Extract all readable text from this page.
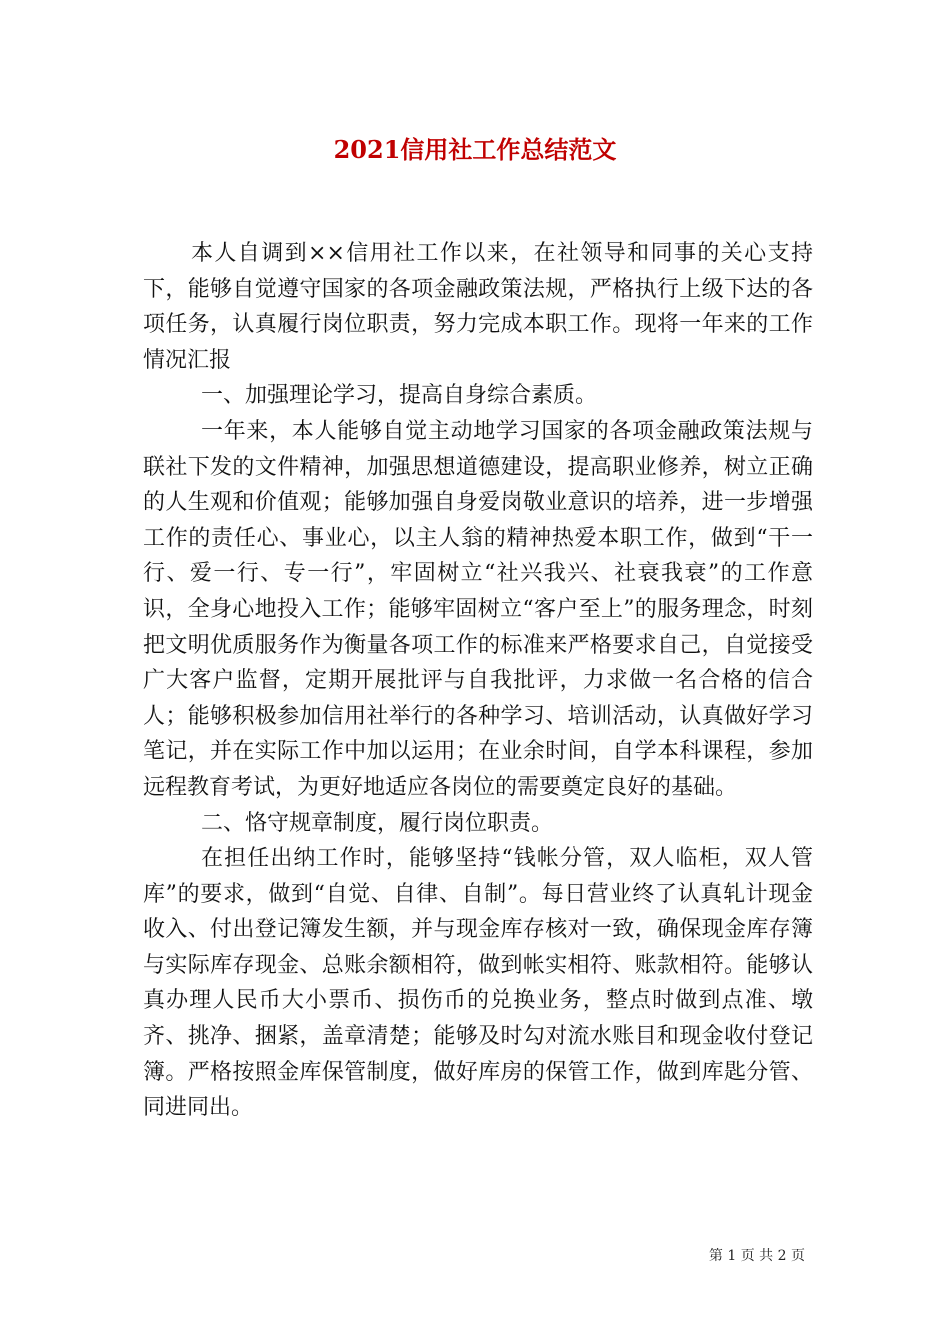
2021信用社工作总结范文

本人自调到××信用社工作以来，在社领导和同事的关心支持下，能够自觉遵守国家的各项金融政策法规，严格执行上级下达的各项任务，认真履行岗位职责，努力完成本职工作。现将一年来的工作情况汇报

一、加强理论学习，提高自身综合素质。

一年来，本人能够自觉主动地学习国家的各项金融政策法规与联社下发的文件精神，加强思想道德建设，提高职业修养，树立正确的人生观和价值观；能够加强自身爱岗敬业意识的培养，进一步增强工作的责任心、事业心，以主人翁的精神热爱本职工作，做到“干一行、爱一行、专一行”，牢固树立“社兴我兴、社衰我衰”的工作意识，全身心地投入工作；能够牢固树立“客户至上”的服务理念，时刻把文明优质服务作为衡量各项工作的标准来严格要求自己，自觉接受广大客户监督，定期开展批评与自我批评，力求做一名合格的信合人；能够积极参加信用社举行的各种学习、培训活动，认真做好学习笔记，并在实际工作中加以运用；在业余时间，自学本科课程，参加远程教育考试，为更好地适应各岗位的需要奠定良好的基础。

二、恪守规章制度，履行岗位职责。

在担任出纳工作时，能够坚持“钱帐分管，双人临柜，双人管库”的要求，做到“自觉、自律、自制”。每日营业终了认真轧计现金收入、付出登记簿发生额，并与现金库存核对一致，确保现金库存簿与实际库存现金、总账余额相符，做到帐实相符、账款相符。能够认真办理人民币大小票币、损伤币的兑换业务，整点时做到点准、墩齐、挑净、捆紧，盖章清楚；能够及时勾对流水账目和现金收付登记簿。严格按照金库保管制度，做好库房的保管工作，做到库匙分管、同进同出。

第 1 页 共 2 页
